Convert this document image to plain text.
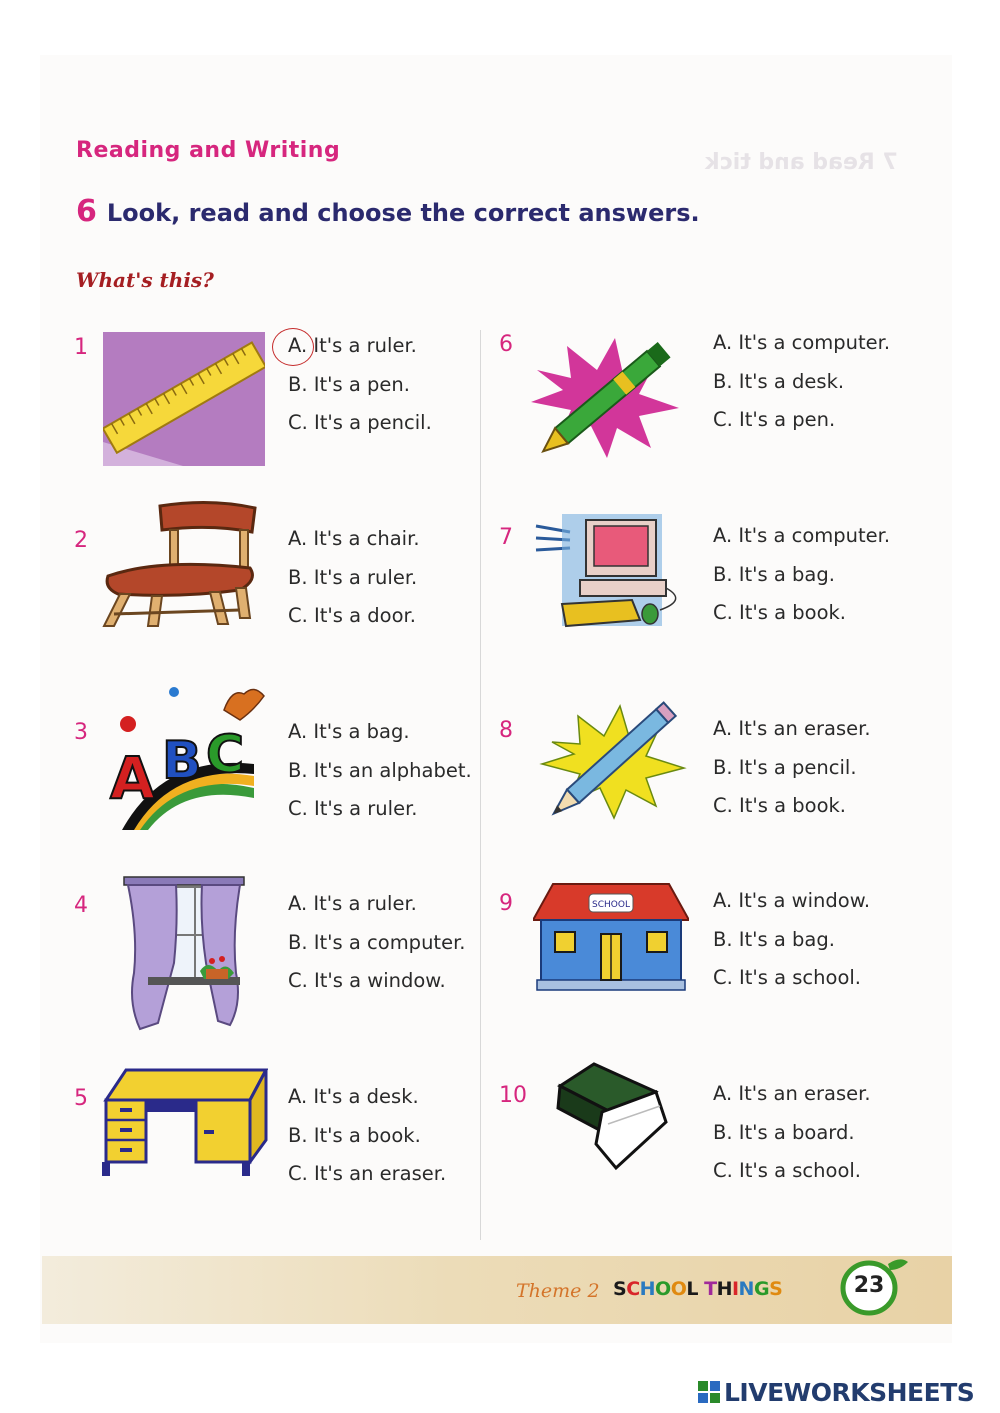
7 Read and tick
Reading and Writing
6 Look, read and choose the correct answers.
What's this?
1	A. It's a ruler.
B. It's a pen.
C. It's a pencil.
2	A. It's a chair.
B. It's a ruler.
C. It's a door.
3
A B C A. It's a bag.
B. It's an alphabet.
C. It's a ruler.
4	A. It's a ruler.
B. It's a computer.
C. It's a window.
5	A. It's a desk.
B. It's a book.
C. It's an eraser.
6	A. It's a computer.
B. It's a desk.
C. It's a pen.
7	A. It's a computer.
B. It's a bag.
C. It's a book.
8	A. It's an eraser.
B. It's a pencil.
C. It's a book.
9	SCHOOL	A. It's a window.
B. It's a bag.
C. It's a school.
10	A. It's an eraser.
B. It's a board.
C. It's a school.
Theme 2 SCHOOL THINGS	23
LIVEWORKSHEETS
